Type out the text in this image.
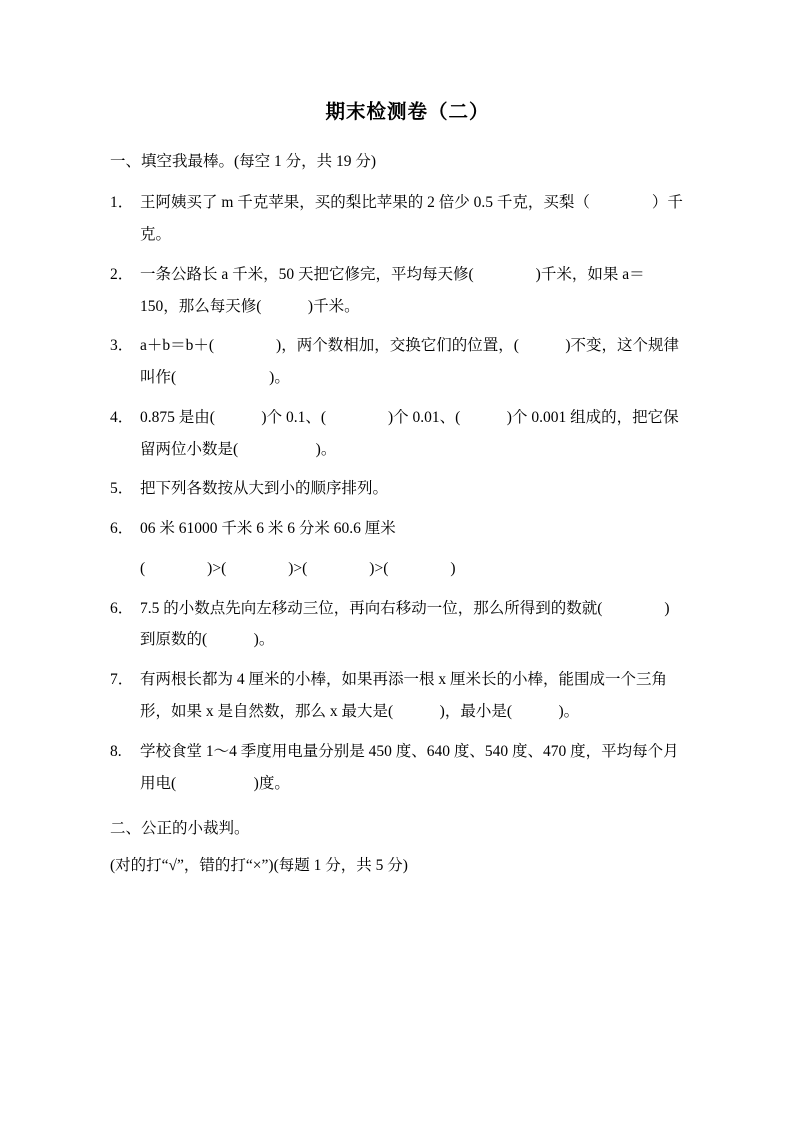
期末检测卷（二）
一、填空我最棒。(每空 1 分，共 19 分)
1． 王阿姨买了 m 千克苹果，买的梨比苹果的 2 倍少 0.5 千克，买梨（　　　　）千克。
2． 一条公路长 a 千米，50 天把它修完，平均每天修(　　　　)千米，如果 a＝150，那么每天修(　　　)千米。
3． a＋b＝b＋(　　　　)，两个数相加，交换它们的位置，(　　　)不变，这个规律叫作(　　　　　　)。
4． 0.875 是由(　　　)个 0.1、(　　　　)个 0.01、(　　　)个 0.001 组成的，把它保留两位小数是(　　　　　)。
5． 把下列各数按从大到小的顺序排列。
6． 06 米 61000 千米 6 米 6 分米 60.6 厘米
(　　　　)>(　　　　)>(　　　　)>(　　　　)
6． 7.5 的小数点先向左移动三位，再向右移动一位，那么所得到的数就(　　　　)到原数的(　　　)。
7． 有两根长都为 4 厘米的小棒，如果再添一根 x 厘米长的小棒，能围成一个三角形，如果 x 是自然数，那么 x 最大是(　　　)，最小是(　　　)。
8.	学校食堂 1～4 季度用电量分别是 450 度、640 度、540 度、470 度，平均每个月用电(　　　　　)度。
二、公正的小裁判。
(对的打“√”，错的打“×”)(每题 1 分，共 5 分)
